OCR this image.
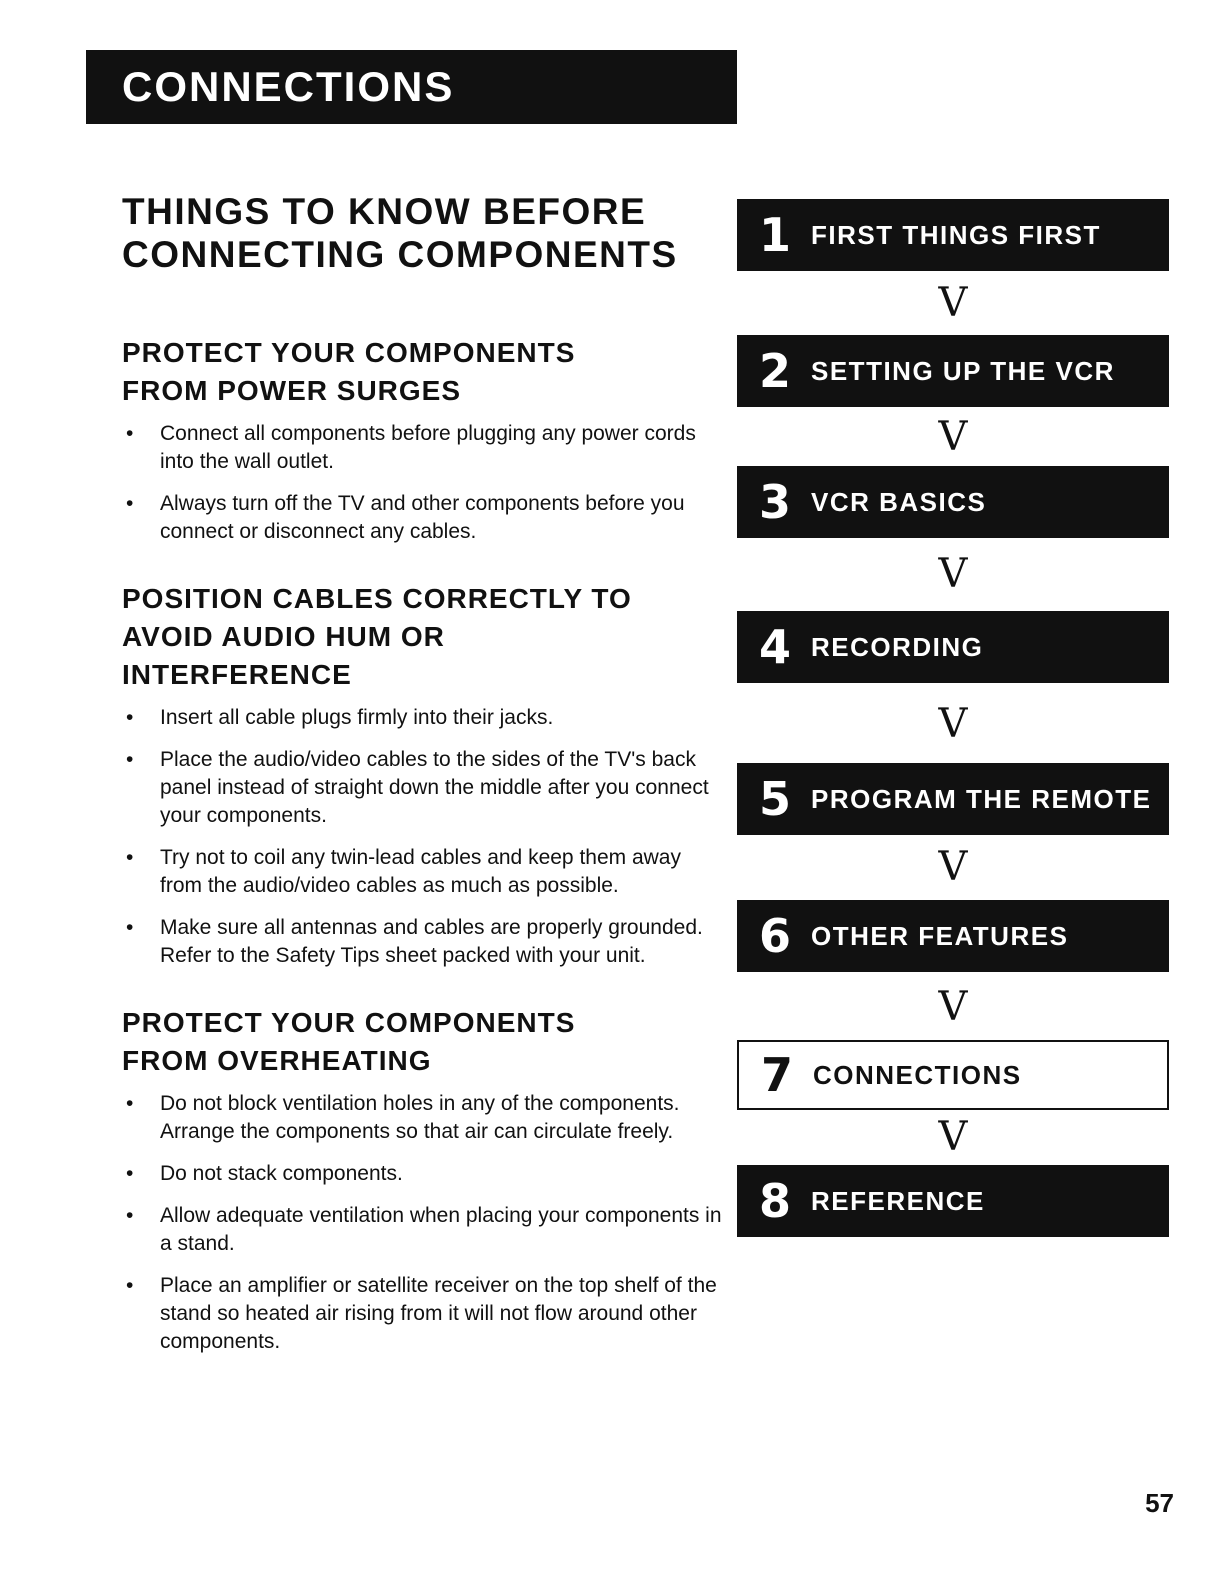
CONNECTIONS
THINGS TO KNOW BEFORE
CONNECTING COMPONENTS
PROTECT YOUR COMPONENTS
FROM POWER SURGES
• Connect all components before plugging any power cords into the wall outlet.
• Always turn off the TV and other components before you connect or disconnect any cables.
POSITION CABLES CORRECTLY TO
AVOID AUDIO HUM OR
INTERFERENCE
• Insert all cable plugs firmly into their jacks.
• Place the audio/video cables to the sides of the TV's back panel instead of straight down the middle after you connect your components.
• Try not to coil any twin-lead cables and keep them away from the audio/video cables as much as possible.
• Make sure all antennas and cables are properly grounded. Refer to the Safety Tips sheet packed with your unit.
PROTECT YOUR COMPONENTS
FROM OVERHEATING
• Do not block ventilation holes in any of the components. Arrange the components so that air can circulate freely.
• Do not stack components.
• Allow adequate ventilation when placing your components in a stand.
• Place an amplifier or satellite receiver on the top shelf of the stand so heated air rising from it will not flow around other components.
1 FIRST THINGS FIRST
V
2 SETTING UP THE VCR
V
3 VCR BASICS
V
4 RECORDING
V
5 PROGRAM THE REMOTE
V
6 OTHER FEATURES
V
7 CONNECTIONS
V
8 REFERENCE
57
